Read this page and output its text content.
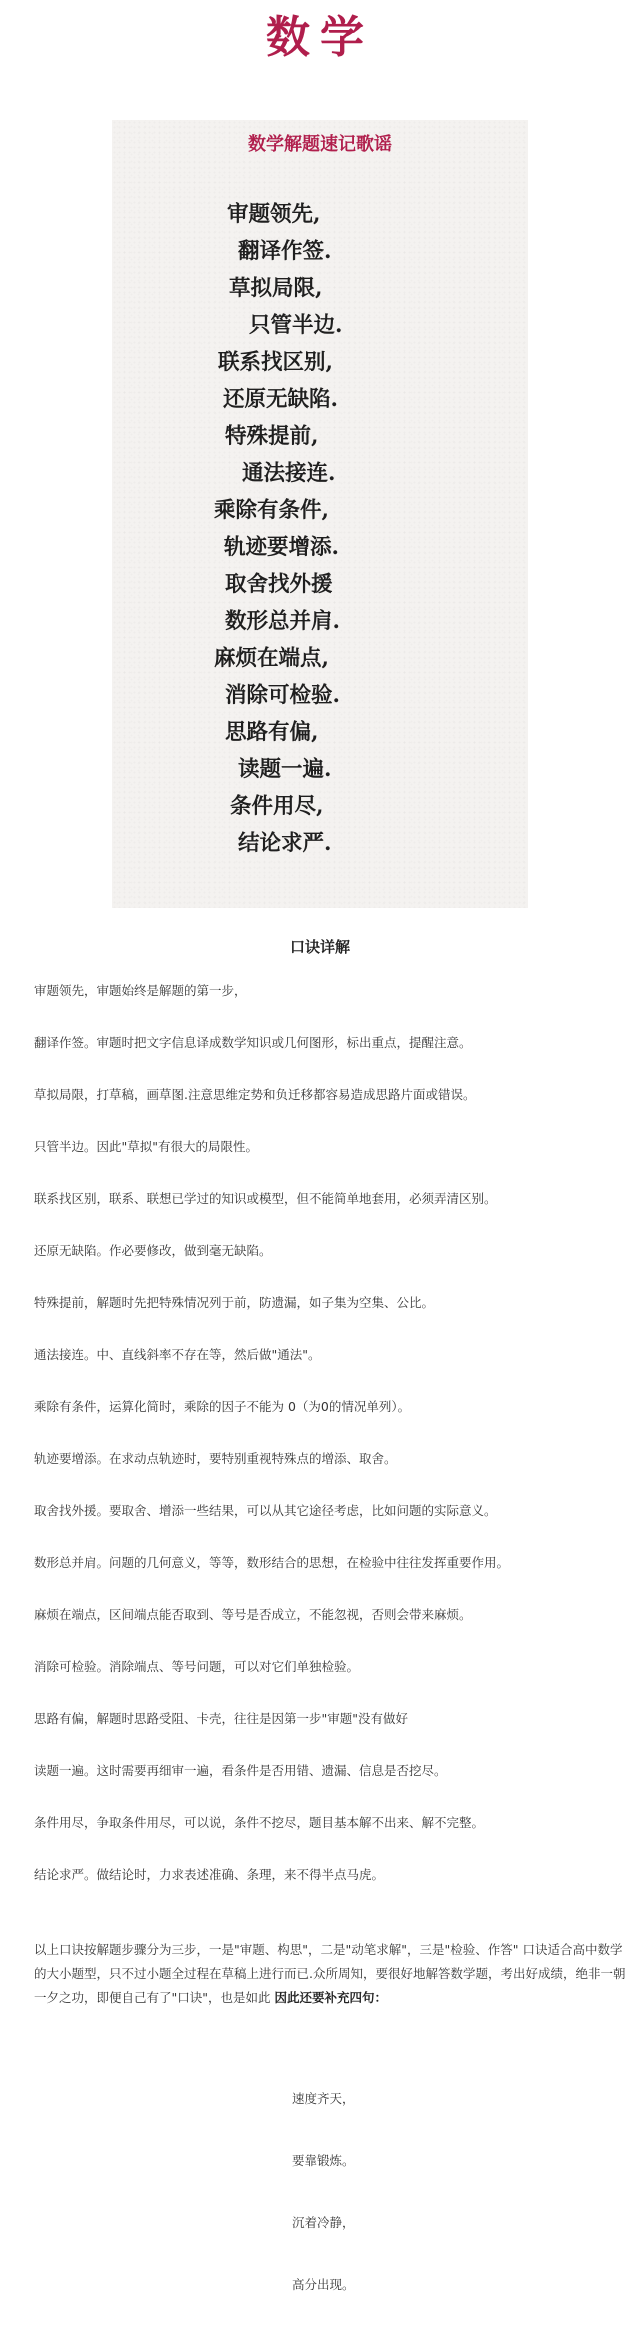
数学
数学解题速记歌谣
审题领先,
翻译作签.
草拟局限,
只管半边.
联系找区别,
还原无缺陷.
特殊提前,
通法接连.
乘除有条件,
轨迹要增添.
取舍找外援
数形总并肩.
麻烦在端点,
消除可检验.
思路有偏,
读题一遍.
条件用尽,
结论求严.
口诀详解
审题领先，审题始终是解题的第一步，
翻译作签。审题时把文字信息译成数学知识或几何图形，标出重点，提醒注意。
草拟局限，打草稿，画草图.注意思维定势和负迁移都容易造成思路片面或错误。
只管半边。因此"草拟"有很大的局限性。
联系找区别，联系、联想已学过的知识或模型，但不能简单地套用，必须弄清区别。
还原无缺陷。作必要修改，做到毫无缺陷。
特殊提前，解题时先把特殊情况列于前，防遗漏，如子集为空集、公比。
通法接连。中、直线斜率不存在等，然后做"通法"。
乘除有条件，运算化简时，乘除的因子不能为 0（为0的情况单列）。
轨迹要增添。在求动点轨迹时，要特别重视特殊点的增添、取舍。
取舍找外援。要取舍、增添一些结果，可以从其它途径考虑，比如问题的实际意义。
数形总并肩。问题的几何意义，等等，数形结合的思想，在检验中往往发挥重要作用。
麻烦在端点，区间端点能否取到、等号是否成立，不能忽视，否则会带来麻烦。
消除可检验。消除端点、等号问题，可以对它们单独检验。
思路有偏，解题时思路受阻、卡壳，往往是因第一步"审题"没有做好
读题一遍。这时需要再细审一遍，看条件是否用错、遗漏、信息是否挖尽。
条件用尽，争取条件用尽，可以说，条件不挖尽，题目基本解不出来、解不完整。
结论求严。做结论时，力求表述准确、条理，来不得半点马虎。
以上口诀按解题步骤分为三步，一是"审题、构思"，二是"动笔求解"，三是"检验、作答" 口诀适合高中数学的大小题型，只不过小题全过程在草稿上进行而已.众所周知，要很好地解答数学题，考出好成绩，绝非一朝一夕之功，即便自己有了"口诀"，也是如此 因此还要补充四句：
速度齐天，
要靠锻炼。
沉着冷静，
高分出现。
